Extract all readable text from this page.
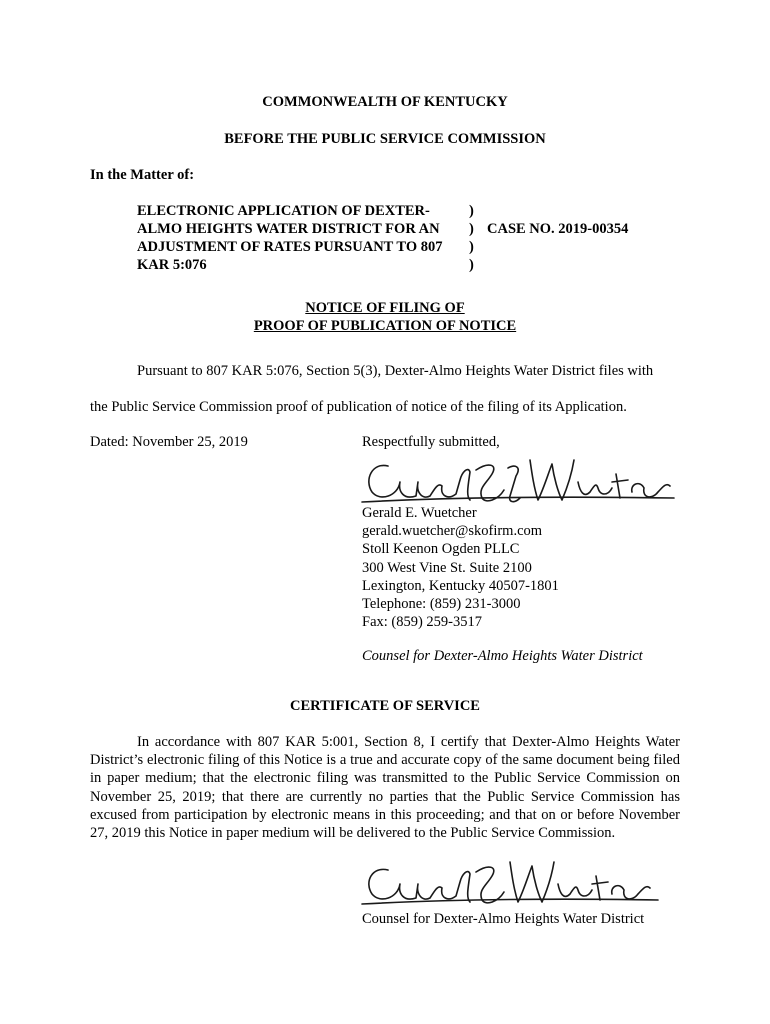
COMMONWEALTH OF KENTUCKY

BEFORE THE PUBLIC SERVICE COMMISSION

In the Matter of:

ELECTRONIC APPLICATION OF DEXTER-
ALMO HEIGHTS WATER DISTRICT FOR AN
ADJUSTMENT OF RATES PURSUANT TO 807
KAR 5:076
)
)
)
)
CASE NO. 2019-00354

NOTICE OF FILING OF

PROOF OF PUBLICATION OF NOTICE

Pursuant to 807 KAR 5:076, Section 5(3), Dexter-Almo Heights Water District files with

the Public Service Commission proof of publication of notice of the filing of its Application.

Dated: November 25, 2019	Respectfully submitted,

Gerald E. Wuetcher
gerald.wuetcher@skofirm.com
Stoll Keenon Ogden PLLC
300 West Vine St. Suite 2100
Lexington, Kentucky 40507-1801
Telephone: (859) 231-3000
Fax: (859) 259-3517

Counsel for Dexter-Almo Heights Water District

CERTIFICATE OF SERVICE

In accordance with 807 KAR 5:001, Section 8, I certify that Dexter-Almo Heights Water District’s electronic filing of this Notice is a true and accurate copy of the same document being filed in paper medium; that the electronic filing was transmitted to the Public Service Commission on November 25, 2019; that there are currently no parties that the Public Service Commission has excused from participation by electronic means in this proceeding; and that on or before November 27, 2019 this Notice in paper medium will be delivered to the Public Service Commission.

Counsel for Dexter-Almo Heights Water District
